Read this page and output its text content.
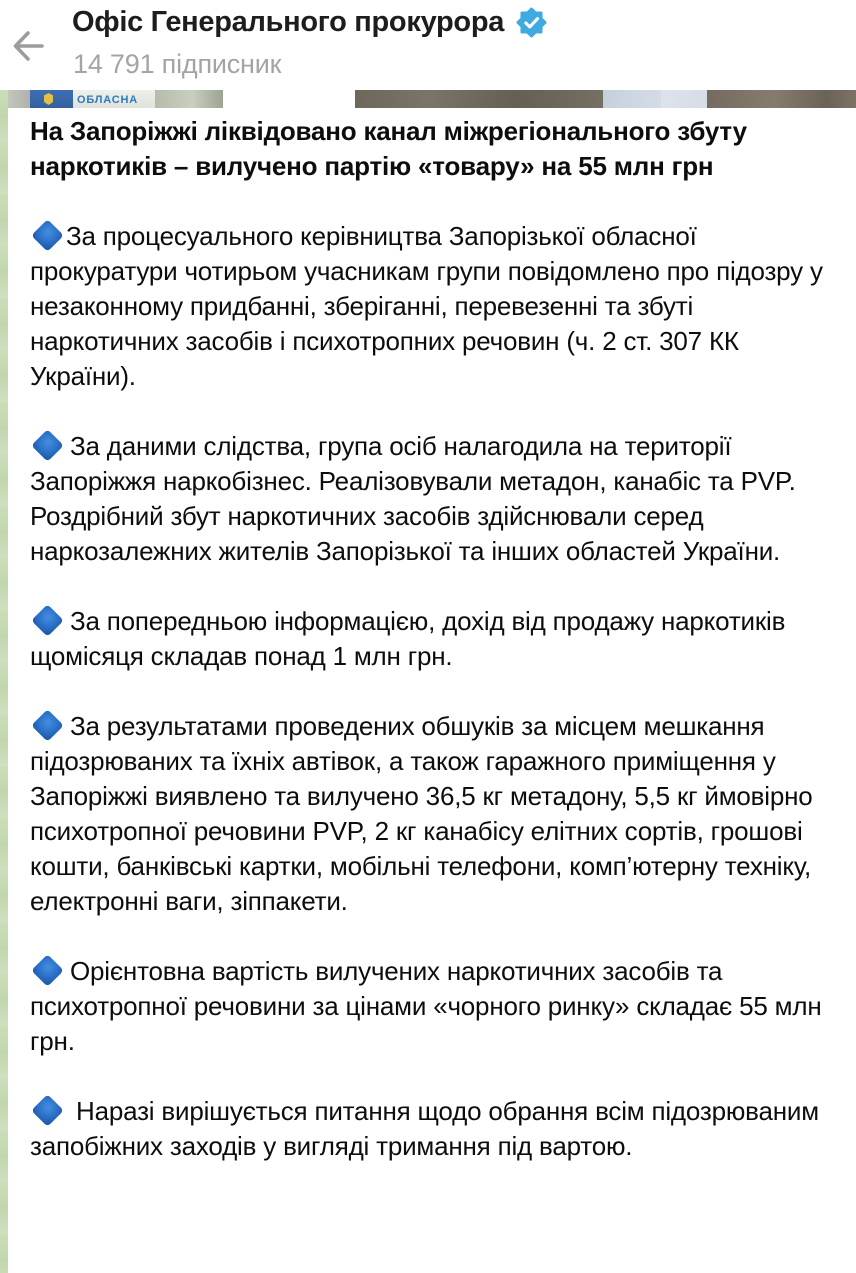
Офіс Генерального прокурора
14 791 підписник
ОБЛАСНА

На Запоріжжі ліквідовано канал міжрегіонального збуту наркотиків – вилучено партію «товару» на 55 млн грн

За процесуального керівництва Запорізької обласної прокуратури чотирьом учасникам групи повідомлено про підозру у незаконному придбанні, зберіганні, перевезенні та збуті наркотичних засобів і психотропних речовин (ч. 2 ст. 307 КК України).

За даними слідства, група осіб налагодила на території Запоріжжя наркобізнес. Реалізовували метадон, канабіс та PVP. Роздрібний збут наркотичних засобів здійснювали серед наркозалежних жителів Запорізької та інших областей України.

За попередньою інформацією, дохід від продажу наркотиків щомісяця складав понад 1 млн грн.

За результатами проведених обшуків за місцем мешкання підозрюваних та їхніх автівок, а також гаражного приміщення у Запоріжжі виявлено та вилучено 36,5 кг метадону, 5,5 кг ймовірно психотропної речовини PVP, 2 кг канабісу елітних сортів, грошові кошти, банківські картки, мобільні телефони, комп’ютерну техніку, електронні ваги, зіппакети.

Орієнтовна вартість вилучених наркотичних засобів та психотропної речовини за цінами «чорного ринку» складає 55 млн грн.

Наразі вирішується питання щодо обрання всім підозрюваним запобіжних заходів у вигляді тримання під вартою.
